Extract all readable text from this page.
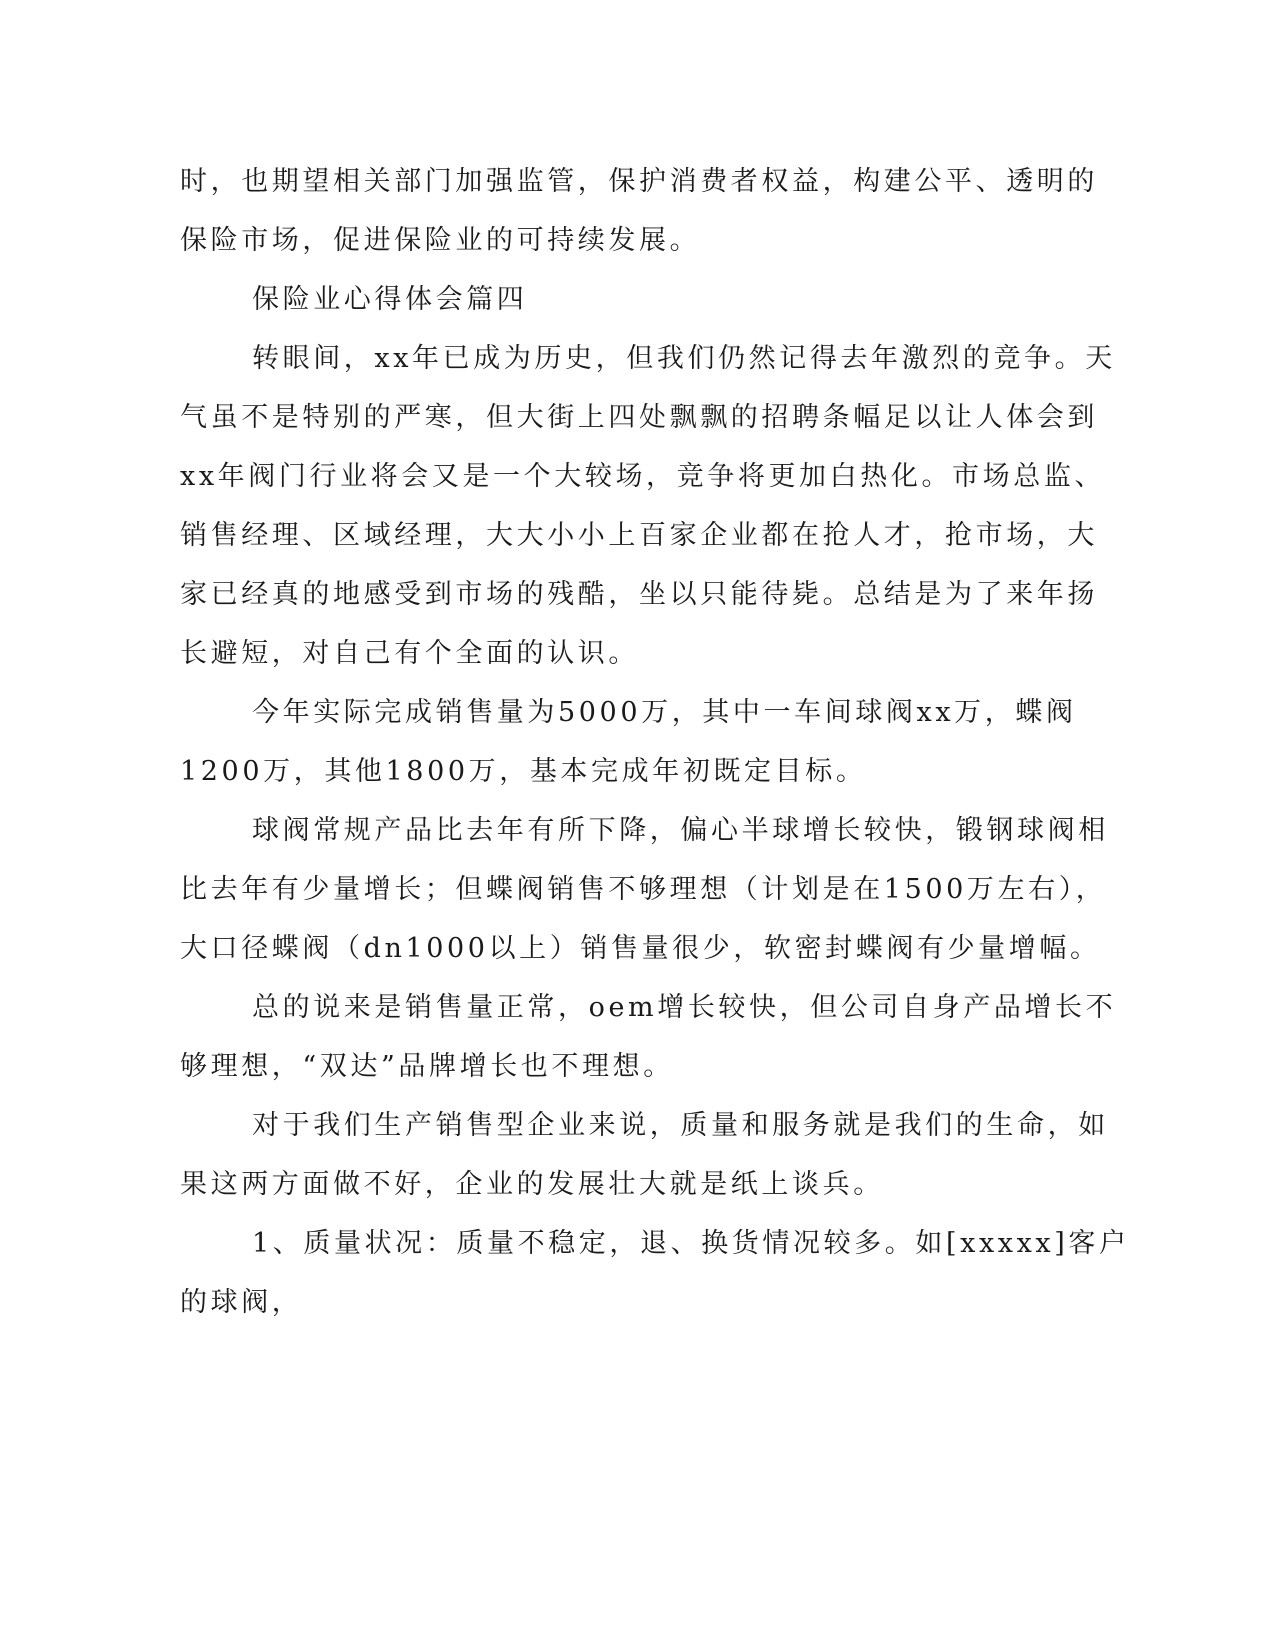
时，也期望相关部门加强监管，保护消费者权益，构建公平、透明的
保险市场，促进保险业的可持续发展。
保险业心得体会篇四
转眼间，xx年已成为历史，但我们仍然记得去年激烈的竞争。天
气虽不是特别的严寒，但大街上四处飘飘的招聘条幅足以让人体会到
xx年阀门行业将会又是一个大较场，竞争将更加白热化。市场总监、
销售经理、区域经理，大大小小上百家企业都在抢人才，抢市场，大
家已经真的地感受到市场的残酷，坐以只能待毙。总结是为了来年扬
长避短，对自己有个全面的认识。
今年实际完成销售量为5000万，其中一车间球阀xx万，蝶阀
1200万，其他1800万，基本完成年初既定目标。
球阀常规产品比去年有所下降，偏心半球增长较快，锻钢球阀相
比去年有少量增长；但蝶阀销售不够理想（计划是在1500万左右），
大口径蝶阀（dn1000以上）销售量很少，软密封蝶阀有少量增幅。
总的说来是销售量正常，oem增长较快，但公司自身产品增长不
够理想，“双达”品牌增长也不理想。
对于我们生产销售型企业来说，质量和服务就是我们的生命，如
果这两方面做不好，企业的发展壮大就是纸上谈兵。
1、质量状况：质量不稳定，退、换货情况较多。如[xxxxx]客户
的球阀，
